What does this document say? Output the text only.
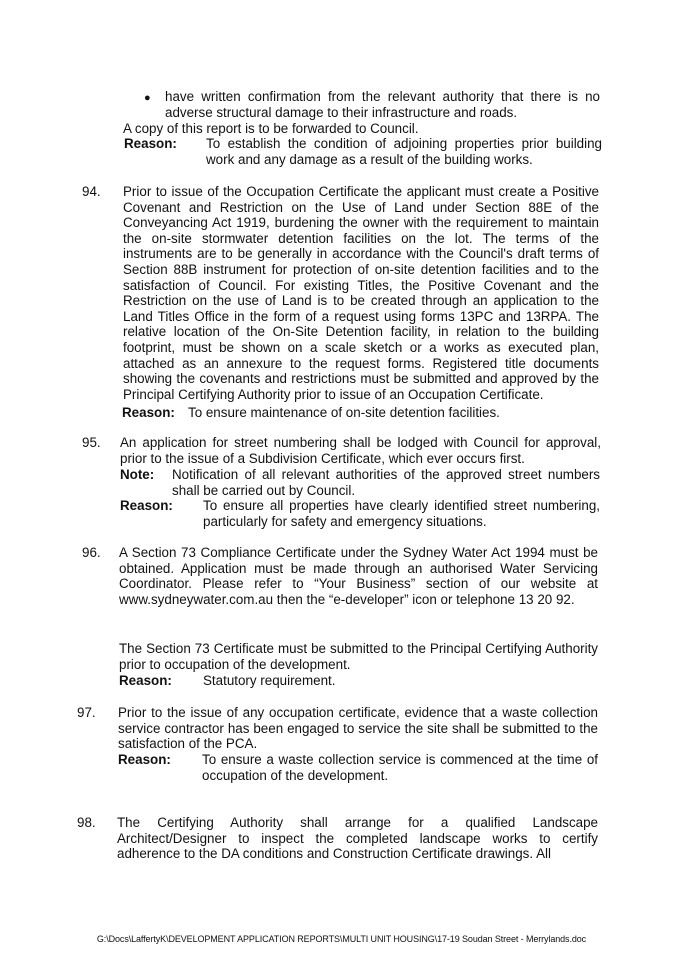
● have written confirmation from the relevant authority that there is no adverse structural damage to their infrastructure and roads.
A copy of this report is to be forwarded to Council.
Reason: To establish the condition of adjoining properties prior building work and any damage as a result of the building works.
94. Prior to issue of the Occupation Certificate the applicant must create a Positive Covenant and Restriction on the Use of Land under Section 88E of the Conveyancing Act 1919, burdening the owner with the requirement to maintain the on-site stormwater detention facilities on the lot. The terms of the instruments are to be generally in accordance with the Council's draft terms of Section 88B instrument for protection of on-site detention facilities and to the satisfaction of Council. For existing Titles, the Positive Covenant and the Restriction on the use of Land is to be created through an application to the Land Titles Office in the form of a request using forms 13PC and 13RPA. The relative location of the On-Site Detention facility, in relation to the building footprint, must be shown on a scale sketch or a works as executed plan, attached as an annexure to the request forms. Registered title documents showing the covenants and restrictions must be submitted and approved by the Principal Certifying Authority prior to issue of an Occupation Certificate.
Reason: To ensure maintenance of on-site detention facilities.
95. An application for street numbering shall be lodged with Council for approval, prior to the issue of a Subdivision Certificate, which ever occurs first.
Note: Notification of all relevant authorities of the approved street numbers shall be carried out by Council.
Reason: To ensure all properties have clearly identified street numbering, particularly for safety and emergency situations.
96. A Section 73 Compliance Certificate under the Sydney Water Act 1994 must be obtained. Application must be made through an authorised Water Servicing Coordinator. Please refer to “Your Business” section of our website at www.sydneywater.com.au then the “e-developer” icon or telephone 13 20 92.
The Section 73 Certificate must be submitted to the Principal Certifying Authority prior to occupation of the development.
Reason: Statutory requirement.
97. Prior to the issue of any occupation certificate, evidence that a waste collection service contractor has been engaged to service the site shall be submitted to the satisfaction of the PCA.
Reason: To ensure a waste collection service is commenced at the time of occupation of the development.
98. The Certifying Authority shall arrange for a qualified Landscape Architect/Designer to inspect the completed landscape works to certify adherence to the DA conditions and Construction Certificate drawings. All
G:\Docs\LaffertyK\DEVELOPMENT APPLICATION REPORTS\MULTI UNIT HOUSING\17-19 Soudan Street - Merrylands.doc
